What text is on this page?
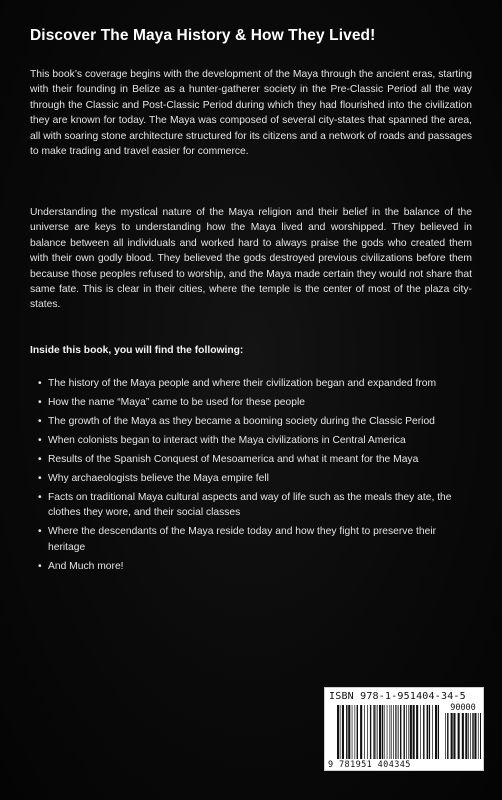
Discover The Maya History & How They Lived!

This book’s coverage begins with the development of the Maya through the ancient eras, starting with their founding in Belize as a hunter-gatherer society in the Pre-Classic Period all the way through the Classic and Post-Classic Period during which they had flourished into the civilization they are known for today. The Maya was composed of several city-states that spanned the area, all with soaring stone architecture structured for its citizens and a network of roads and passages to make trading and travel easier for commerce.

Understanding the mystical nature of the Maya religion and their belief in the balance of the universe are keys to understanding how the Maya lived and worshipped. They believed in balance between all individuals and worked hard to always praise the gods who created them with their own godly blood. They believed the gods destroyed previous civilizations before them because those peoples refused to worship, and the Maya made certain they would not share that same fate. This is clear in their cities, where the temple is the center of most of the plaza city-states.

Inside this book, you will find the following:

• The history of the Maya people and where their civilization began and expanded from
• How the name “Maya” came to be used for these people
• The growth of the Maya as they became a booming society during the Classic Period
• When colonists began to interact with the Maya civilizations in Central America
• Results of the Spanish Conquest of Mesoamerica and what it meant for the Maya
• Why archaeologists believe the Maya empire fell
• Facts on traditional Maya cultural aspects and way of life such as the meals they ate, the clothes they wore, and their social classes
• Where the descendants of the Maya reside today and how they fight to preserve their heritage
• And Much more!
ISBN 978-1-951404-34-5
90000
9 781951 404345
